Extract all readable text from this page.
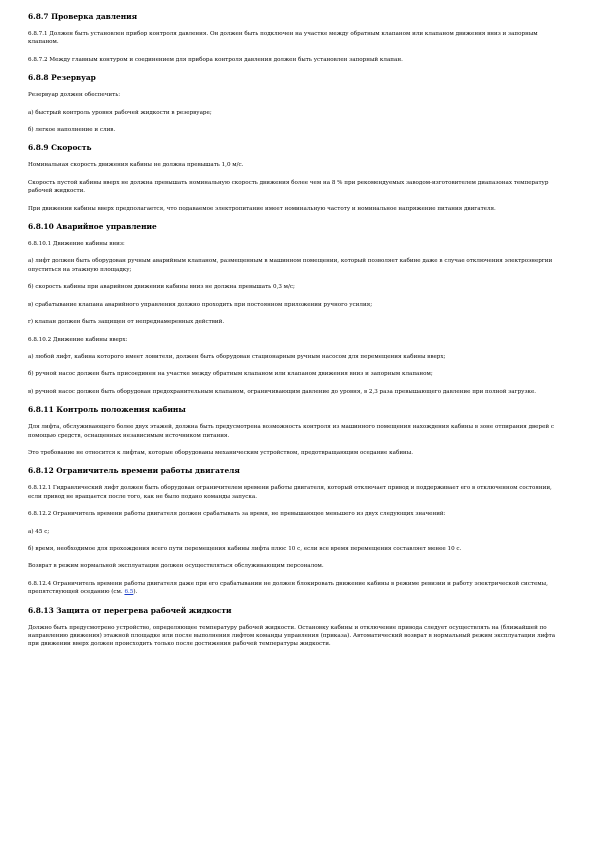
6.8.7 Проверка давления

6.8.7.1 Должен быть установлен прибор контроля давления. Он должен быть подключен на участке между обратным клапаном или клапаном движения вниз и запорным клапаном.

6.8.7.2 Между главным контуром и соединением для прибора контроля давления должен быть установлен запорный клапан.

6.8.8 Резервуар

Резервуар должен обеспечить:

а) быстрый контроль уровня рабочей жидкости в резервуаре;

б) легкое наполнение и слив.

6.8.9 Скорость

Номинальная скорость движения кабины не должна превышать 1,0 м/с.

Скорость пустой кабины вверх не должна превышать номинальную скорость движения более чем на 8 % при рекомендуемых заводом-изготовителем диапазонах температур рабочей жидкости.

При движении кабины вверх предполагается, что подаваемое электропитание имеет номинальную частоту и номинальное напряжение питания двигателя.

6.8.10 Аварийное управление

6.8.10.1 Движение кабины вниз:

а) лифт должен быть оборудован ручным аварийным клапаном, размещенным в машинном помещении, который позволяет кабине даже в случае отключения электроэнергии опуститься на этажную площадку;

б) скорость кабины при аварийном движении кабины вниз не должна превышать 0,3 м/с;

в) срабатывание клапана аварийного управления должно проходить при постоянном приложении ручного усилия;

г) клапан должен быть защищен от непреднамеренных действий.

6.8.10.2 Движение кабины вверх:

а) любой лифт, кабина которого имеет ловители, должен быть оборудован стационарным ручным насосом для перемещения кабины вверх;

б) ручной насос должен быть присоединен на участке между обратным клапаном или клапаном движения вниз и запорным клапаном;

в) ручной насос должен быть оборудован предохранительным клапаном, ограничивающим давление до уровня, в 2,3 раза превышающего давление при полной загрузке.

6.8.11 Контроль положения кабины

Для лифта, обслуживающего более двух этажей, должна быть предусмотрена возможность контроля из машинного помещения нахождения кабины в зоне отпирания дверей с помощью средств, оснащенных независимым источником питания.

Это требование не относится к лифтам, которые оборудованы механическим устройством, предотвращающим оседание кабины.

6.8.12 Ограничитель времени работы двигателя

6.8.12.1 Гидравлический лифт должен быть оборудован ограничителем времени работы двигателя, который отключает привод и поддерживает его в отключенном состоянии, если привод не вращается после того, как не было подано команды запуска.

6.8.12.2 Ограничитель времени работы двигателя должен срабатывать за время, не превышающее меньшего из двух следующих значений:

а) 45 с;

б) время, необходимое для прохождения всего пути перемещения кабины лифта плюс 10 с, если все время перемещения составляет менее 10 с.

Возврат в режим нормальной эксплуатации должен осуществляться обслуживающим персоналом.

6.8.12.4 Ограничитель времени работы двигателя даже при его срабатывании не должен блокировать движение кабины в режиме ревизии и работу электрической системы, препятствующей оседанию (см. 6.5).

6.8.13 Защита от перегрева рабочей жидкости

Должно быть предусмотрено устройство, определяющее температуру рабочей жидкости. Остановку кабины и отключение привода следует осуществлять на (ближайшей по направлению движения) этажной площадке или после выполнения лифтом команды управления (приказа). Автоматический возврат в нормальный режим эксплуатации лифта при движении вверх должен происходить только после достижения рабочей температуры жидкости.
